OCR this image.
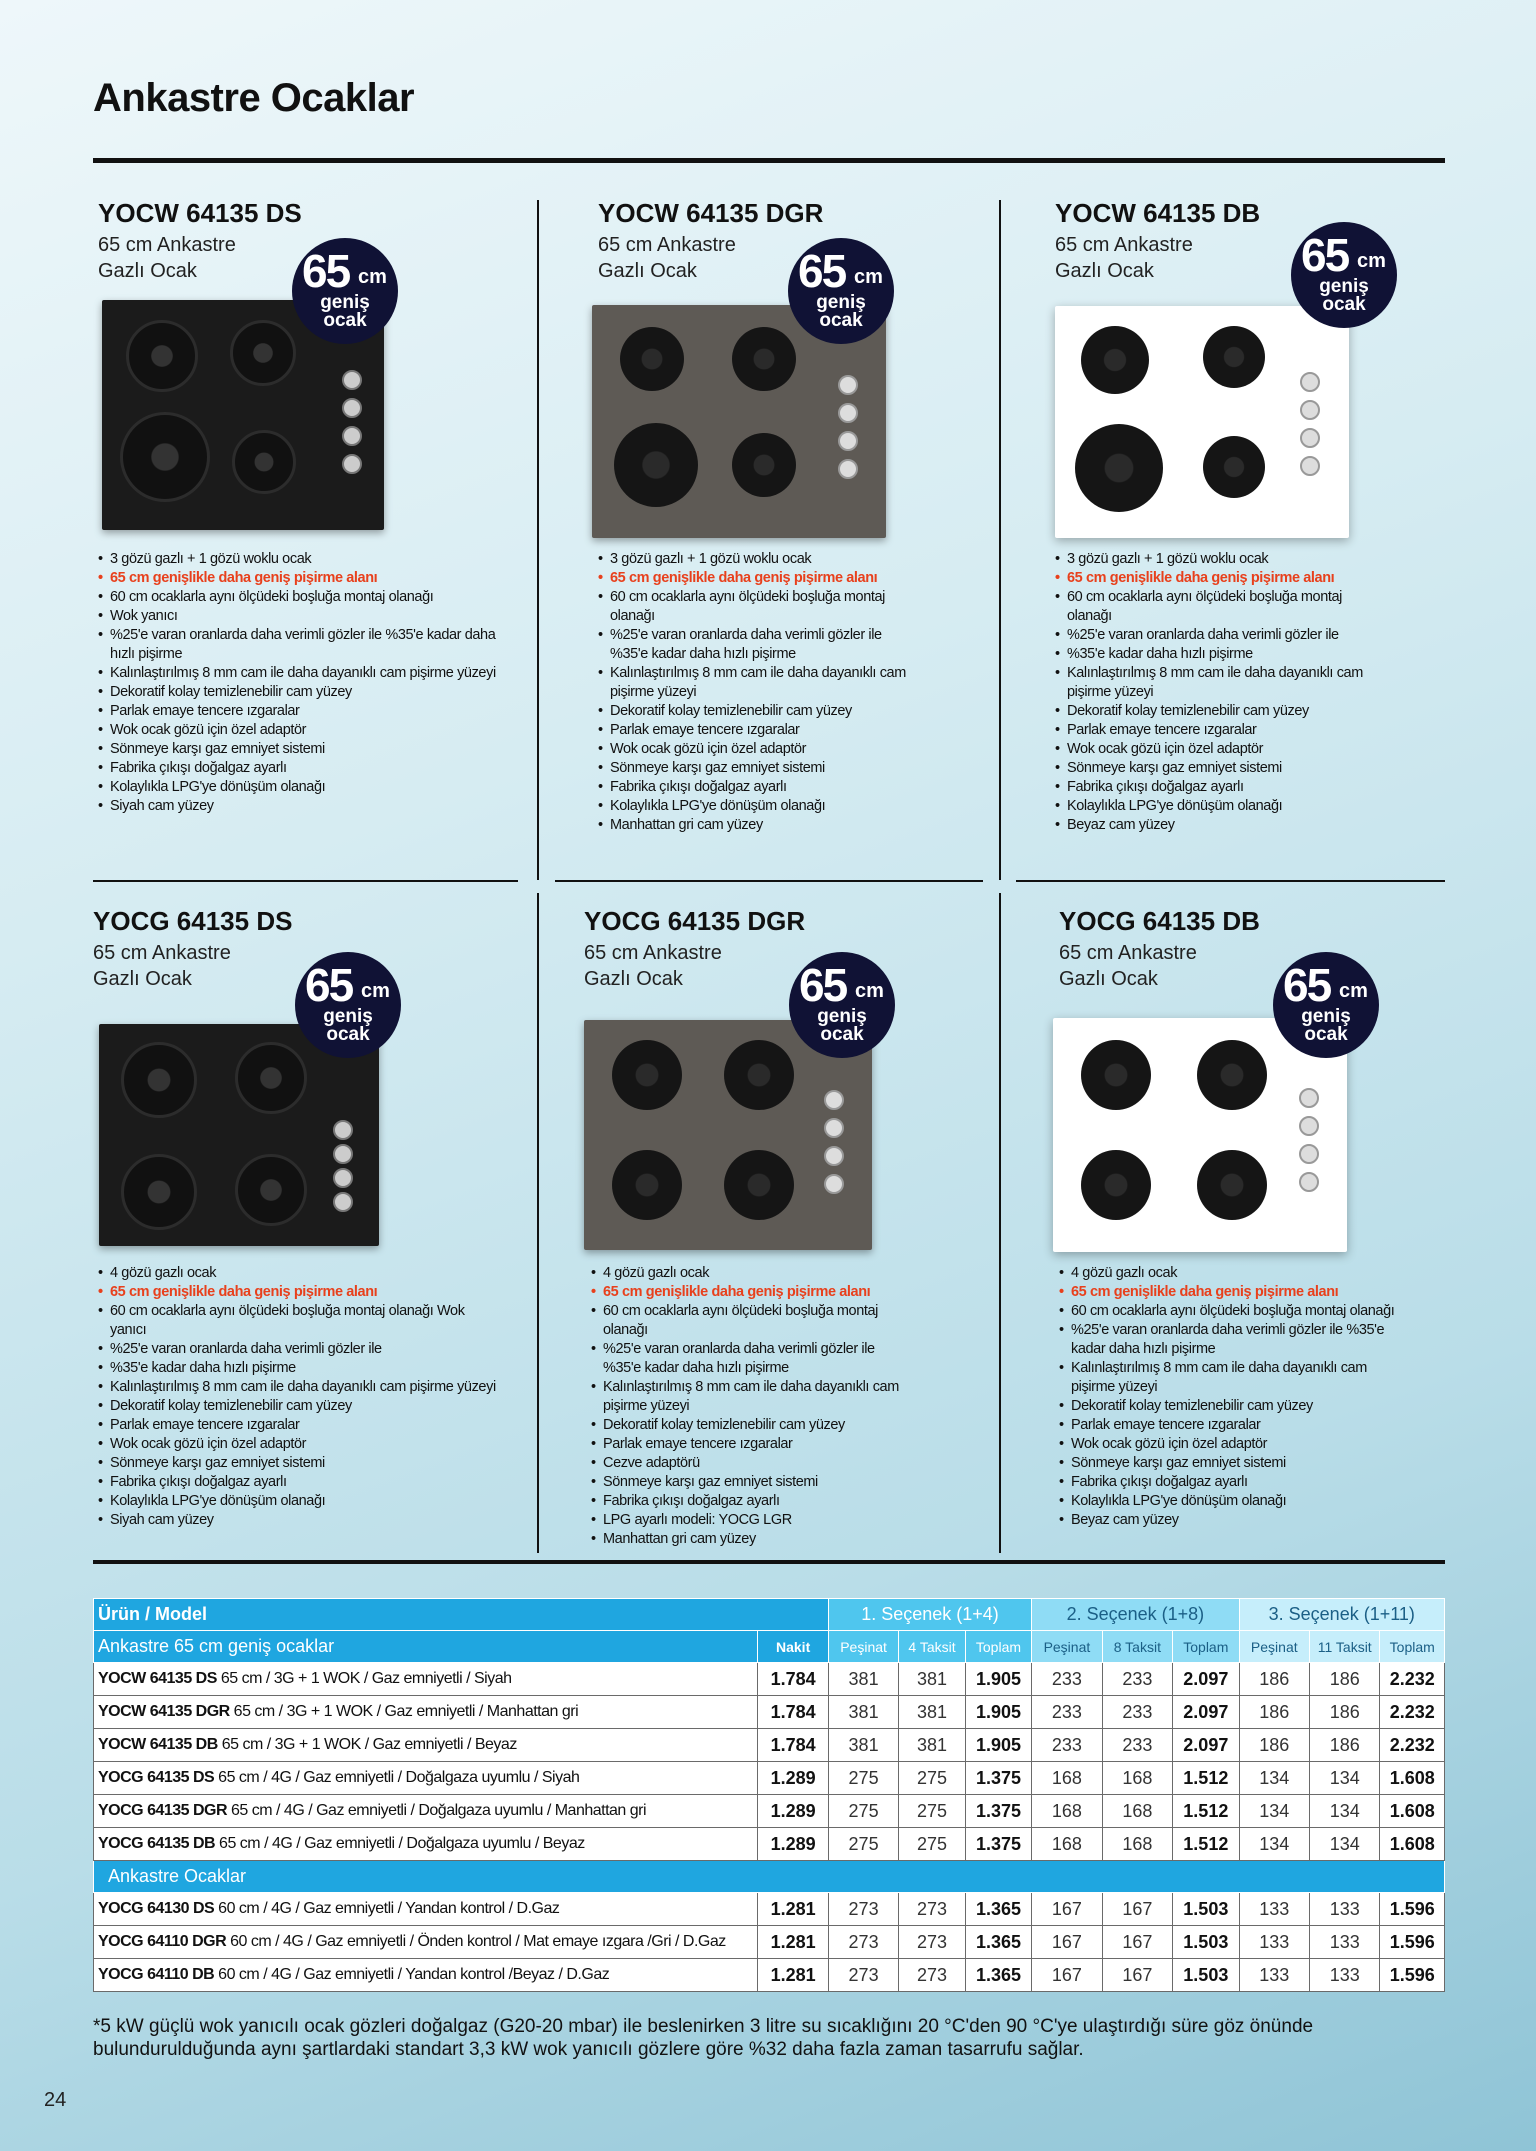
Ankastre Ocaklar
YOCW 64135 DS
65 cm Ankastre
Gazlı Ocak	65 cm
geniş
ocak
• 3 gözü gazlı + 1 gözü woklu ocak
• 65 cm genişlikle daha geniş pişirme alanı
• 60 cm ocaklarla aynı ölçüdeki boşluğa montaj olanağı
• Wok yanıcı
• %25'e varan oranlarda daha verimli gözler ile %35'e kadar daha hızlı pişirme
• Kalınlaştırılmış 8 mm cam ile daha dayanıklı cam pişirme yüzeyi
• Dekoratif kolay temizlenebilir cam yüzey
• Parlak emaye tencere ızgaralar
• Wok ocak gözü için özel adaptör
• Sönmeye karşı gaz emniyet sistemi
• Fabrika çıkışı doğalgaz ayarlı
• Kolaylıkla LPG'ye dönüşüm olanağı
• Siyah cam yüzey
YOCW 64135 DGR
65 cm Ankastre
Gazlı Ocak	65 cm
geniş
ocak
• 3 gözü gazlı + 1 gözü woklu ocak
• 65 cm genişlikle daha geniş pişirme alanı
• 60 cm ocaklarla aynı ölçüdeki boşluğa montaj olanağı
• %25'e varan oranlarda daha verimli gözler ile %35'e kadar daha hızlı pişirme
• Kalınlaştırılmış 8 mm cam ile daha dayanıklı cam pişirme yüzeyi
• Dekoratif kolay temizlenebilir cam yüzey
• Parlak emaye tencere ızgaralar
• Wok ocak gözü için özel adaptör
• Sönmeye karşı gaz emniyet sistemi
• Fabrika çıkışı doğalgaz ayarlı
• Kolaylıkla LPG'ye dönüşüm olanağı
• Manhattan gri cam yüzey
YOCW 64135 DB
65 cm Ankastre
Gazlı Ocak	65 cm
geniş
ocak
• 3 gözü gazlı + 1 gözü woklu ocak
• 65 cm genişlikle daha geniş pişirme alanı
• 60 cm ocaklarla aynı ölçüdeki boşluğa montaj olanağı
• %25'e varan oranlarda daha verimli gözler ile
• %35'e kadar daha hızlı pişirme
• Kalınlaştırılmış 8 mm cam ile daha dayanıklı cam pişirme yüzeyi
• Dekoratif kolay temizlenebilir cam yüzey
• Parlak emaye tencere ızgaralar
• Wok ocak gözü için özel adaptör
• Sönmeye karşı gaz emniyet sistemi
• Fabrika çıkışı doğalgaz ayarlı
• Kolaylıkla LPG'ye dönüşüm olanağı
• Beyaz cam yüzey
YOCG 64135 DS
65 cm Ankastre
Gazlı Ocak	65 cm
geniş
ocak
• 4 gözü gazlı ocak
• 65 cm genişlikle daha geniş pişirme alanı
• 60 cm ocaklarla aynı ölçüdeki boşluğa montaj olanağı Wok yanıcı
• %25'e varan oranlarda daha verimli gözler ile
• %35'e kadar daha hızlı pişirme
• Kalınlaştırılmış 8 mm cam ile daha dayanıklı cam pişirme yüzeyi
• Dekoratif kolay temizlenebilir cam yüzey
• Parlak emaye tencere ızgaralar
• Wok ocak gözü için özel adaptör
• Sönmeye karşı gaz emniyet sistemi
• Fabrika çıkışı doğalgaz ayarlı
• Kolaylıkla LPG'ye dönüşüm olanağı
• Siyah cam yüzey
YOCG 64135 DGR
65 cm Ankastre
Gazlı Ocak	65 cm
geniş
ocak
• 4 gözü gazlı ocak
• 65 cm genişlikle daha geniş pişirme alanı
• 60 cm ocaklarla aynı ölçüdeki boşluğa montaj olanağı
• %25'e varan oranlarda daha verimli gözler ile %35'e kadar daha hızlı pişirme
• Kalınlaştırılmış 8 mm cam ile daha dayanıklı cam pişirme yüzeyi
• Dekoratif kolay temizlenebilir cam yüzey
• Parlak emaye tencere ızgaralar
• Cezve adaptörü
• Sönmeye karşı gaz emniyet sistemi
• Fabrika çıkışı doğalgaz ayarlı
• LPG ayarlı modeli: YOCG LGR
• Manhattan gri cam yüzey
YOCG 64135 DB
65 cm Ankastre
Gazlı Ocak	65 cm
geniş
ocak
• 4 gözü gazlı ocak
• 65 cm genişlikle daha geniş pişirme alanı
• 60 cm ocaklarla aynı ölçüdeki boşluğa montaj olanağı
• %25'e varan oranlarda daha verimli gözler ile %35'e kadar daha hızlı pişirme
• Kalınlaştırılmış 8 mm cam ile daha dayanıklı cam pişirme yüzeyi
• Dekoratif kolay temizlenebilir cam yüzey
• Parlak emaye tencere ızgaralar
• Wok ocak gözü için özel adaptör
• Sönmeye karşı gaz emniyet sistemi
• Fabrika çıkışı doğalgaz ayarlı
• Kolaylıkla LPG'ye dönüşüm olanağı
• Beyaz cam yüzey
Ürün / Model		1. Seçenek (1+4)			2. Seçenek (1+8)			3. Seçenek (1+11)		
Ankastre 65 cm geniş ocaklar	Nakit	Peşinat	4 Taksit	Toplam	Peşinat	8 Taksit	Toplam	Peşinat	11 Taksit	Toplam
YOCW 64135 DS 65 cm / 3G + 1 WOK / Gaz emniyetli / Siyah	1.784	381	381	1.905	233	233	2.097	186	186	2.232
YOCW 64135 DGR 65 cm / 3G + 1 WOK / Gaz emniyetli / Manhattan gri	1.784	381	381	1.905	233	233	2.097	186	186	2.232
YOCW 64135 DB 65 cm / 3G + 1 WOK / Gaz emniyetli / Beyaz	1.784	381	381	1.905	233	233	2.097	186	186	2.232
YOCG 64135 DS 65 cm / 4G / Gaz emniyetli / Doğalgaza uyumlu / Siyah	1.289	275	275	1.375	168	168	1.512	134	134	1.608
YOCG 64135 DGR 65 cm / 4G / Gaz emniyetli / Doğalgaza uyumlu / Manhattan gri	1.289	275	275	1.375	168	168	1.512	134	134	1.608
YOCG 64135 DB 65 cm / 4G / Gaz emniyetli / Doğalgaza uyumlu / Beyaz	1.289	275	275	1.375	168	168	1.512	134	134	1.608
Ankastre Ocaklar										
YOCG 64130 DS 60 cm / 4G / Gaz emniyetli / Yandan kontrol / D.Gaz	1.281	273	273	1.365	167	167	1.503	133	133	1.596
YOCG 64110 DGR 60 cm / 4G / Gaz emniyetli / Önden kontrol / Mat emaye ızgara /Gri / D.Gaz	1.281	273	273	1.365	167	167	1.503	133	133	1.596
YOCG 64110 DB 60 cm / 4G / Gaz emniyetli / Yandan kontrol /Beyaz / D.Gaz	1.281	273	273	1.365	167	167	1.503	133	133	1.596
*5 kW güçlü wok yanıcılı ocak gözleri doğalgaz (G20-20 mbar) ile beslenirken 3 litre su sıcaklığını 20 °C'den 90 °C'ye ulaştırdığı süre göz önünde bulundurulduğunda aynı şartlardaki standart 3,3 kW wok yanıcılı gözlere göre %32 daha fazla zaman tasarrufu sağlar.
24
